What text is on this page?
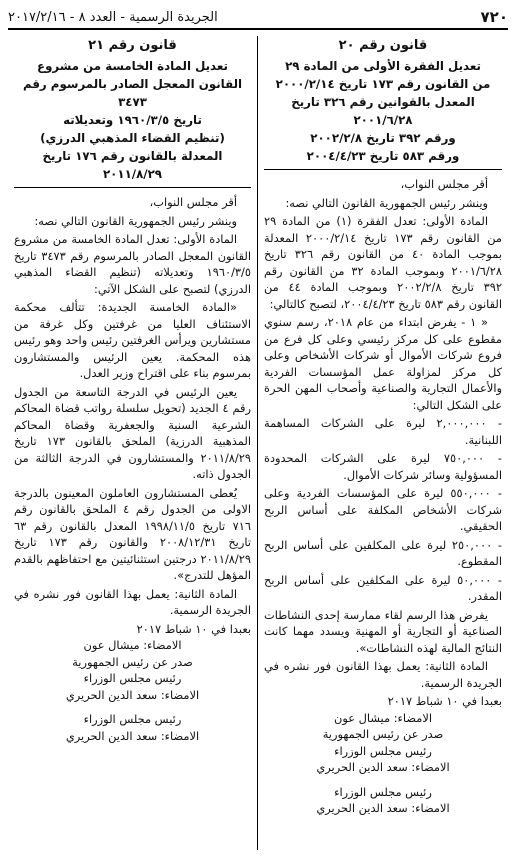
٧٢٠
الجريدة الرسمية - العدد ٨ - ٢٠١٧/٢/١٦
قانون رقم ٢٠
تعديل الفقرة الأولى من المادة ٢٩
من القانون رقم ١٧٣ تاريخ ٢٠٠٠/٢/١٤
المعدل بالقوانين رقم ٣٢٦ تاريخ ٢٠٠١/٦/٢٨
ورقم ٣٩٢ تاريخ ٢٠٠٢/٢/٨
ورقم ٥٨٣ تاريخ ٢٠٠٤/٤/٢٣

أقر مجلس النواب،

وينشر رئيس الجمهورية القانون التالي نصه:

المادة الأولى: تعدل الفقرة (١) من المادة ٢٩ من القانون رقم ١٧٣ تاريخ ٢٠٠٠/٢/١٤ المعدلة بموجب المادة ٤٠ من القانون رقم ٣٢٦ تاريخ ٢٠٠١/٦/٢٨ وبموجب المادة ٣٢ من القانون رقم ٣٩٢ تاريخ ٢٠٠٢/٢/٨ وبموجب المادة ٤٤ من القانون رقم ٥٨٣ تاريخ ٢٠٠٤/٤/٢٣، لتصبح كالتالي:

« ١ - يفرض ابتداء من عام ٢٠١٨، رسم سنوي مقطوع على كل مركز رئيسي وعلى كل فرع من فروع شركات الأموال أو شركات الأشخاص وعلى كل مركز لمزاولة عمل المؤسسات الفردية والأعمال التجارية والصناعية وأصحاب المهن الحرة على الشكل التالي:

- ٢,٠٠٠,٠٠٠ ليرة على الشركات المساهمة اللبنانية.

- ٧٥٠,٠٠٠ ليرة على الشركات المحدودة المسؤولية وسائر شركات الأموال.

- ٥٥٠,٠٠٠ ليرة على المؤسسات الفردية وعلى شركات الأشخاص المكلفة على أساس الربح الحقيقي.

- ٢٥٠,٠٠٠ ليرة على المكلفين على أساس الربح المقطوع.

- ٥٠,٠٠٠ ليرة على المكلفين على أساس الربح المقدر.

يفرض هذا الرسم لقاء ممارسة إحدى النشاطات الصناعية أو التجارية أو المهنية ويسدد مهما كانت النتائج المالية لهذه النشاطات».

المادة الثانية: يعمل بهذا القانون فور نشره في الجريدة الرسمية.

بعبدا في ١٠ شباط ٢٠١٧

الامضاء: ميشال عون

صدر عن رئيس الجمهورية

رئيس مجلس الوزراء

الامضاء: سعد الدين الحريري

رئيس مجلس الوزراء

الامضاء: سعد الدين الحريري

قانون رقم ٢١
تعديل المادة الخامسة من مشروع
القانون المعجل الصادر بالمرسوم رقم ٣٤٧٣
تاريخ ١٩٦٠/٣/٥ وتعديلاته
(تنظيم القضاء المذهبي الدرزي)
المعدلة بالقانون رقم ١٧٦ تاريخ ٢٠١١/٨/٢٩

أقر مجلس النواب،

وينشر رئيس الجمهورية القانون التالي نصه:

المادة الأولى: تعدل المادة الخامسة من مشروع القانون المعجل الصادر بالمرسوم رقم ٣٤٧٣ تاريخ ١٩٦٠/٣/٥ وتعديلاته (تنظيم القضاء المذهبي الدرزي) لتصبح على الشكل الآتي:

«المادة الخامسة الجديدة: تتألف محكمة الاستئناف العليا من غرفتين وكل غرفة من مستشارين ويرأس الغرفتين رئيس واحد وهو رئيس هذه المحكمة. يعين الرئيس والمستشارون بمرسوم بناء على اقتراح وزير العدل.

يعين الرئيس في الدرجة التاسعة من الجدول رقم ٤ الجديد (تحويل سلسلة رواتب قضاة المحاكم الشرعية السنية والجعفرية وقضاة المحاكم المذهبية الدرزية) الملحق بالقانون ١٧٣ تاريخ ٢٠١١/٨/٢٩ والمستشارون في الدرجة الثالثة من الجدول ذاته.

يُعطى المستشارون العاملون المعينون بالدرجة الاولى من الجدول رقم ٤ الملحق بالقانون رقم ٧١٦ تاريخ ١٩٩٨/١١/٥ المعدل بالقانون رقم ٦٣ تاريخ ٢٠٠٨/١٢/٣١ والقانون رقم ١٧٣ تاريخ ٢٠١١/٨/٢٩ درجتين استثنائيتين مع احتفاظهم بالقدم المؤهل للتدرج».

المادة الثانية: يعمل بهذا القانون فور نشره في الجريدة الرسمية.

بعبدا في ١٠ شباط ٢٠١٧

الامضاء: ميشال عون

صدر عن رئيس الجمهورية

رئيس مجلس الوزراء

الامضاء: سعد الدين الحريري

رئيس مجلس الوزراء

الامضاء: سعد الدين الحريري
